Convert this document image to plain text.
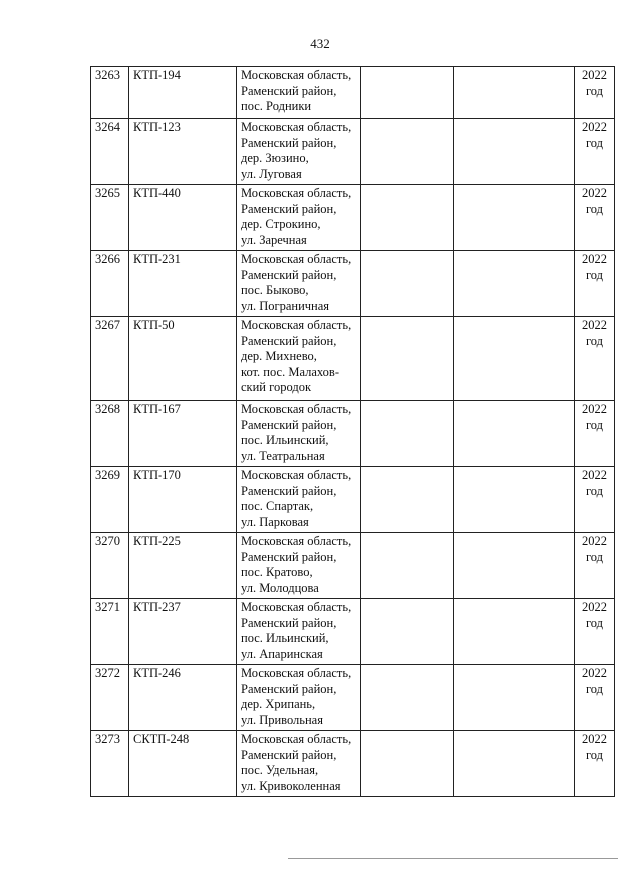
432
3263	КТП-194	Московская область,
Раменский район,
пос. Родники			2022
год

3264	КТП-123	Московская область,
Раменский район,
дер. Зюзино,
ул. Луговая			2022
год

3265	КТП-440	Московская область,
Раменский район,
дер. Строкино,
ул. Заречная			2022
год

3266	КТП-231	Московская область,
Раменский район,
пос. Быково,
ул. Пограничная			2022
год

3267	КТП-50	Московская область,
Раменский район,
дер. Михнево,
кот. пос. Малахов-
ский городок			2022
год

3268	КТП-167	Московская область,
Раменский район,
пос. Ильинский,
ул. Театральная			2022
год

3269	КТП-170	Московская область,
Раменский район,
пос. Спартак,
ул. Парковая			2022
год

3270	КТП-225	Московская область,
Раменский район,
пос. Кратово,
ул. Молодцова			2022
год

3271	КТП-237	Московская область,
Раменский район,
пос. Ильинский,
ул. Апаринская			2022
год

3272	КТП-246	Московская область,
Раменский район,
дер. Хрипань,
ул. Привольная			2022
год

3273	СКТП-248	Московская область,
Раменский район,
пос. Удельная,
ул. Кривоколенная			2022
год
